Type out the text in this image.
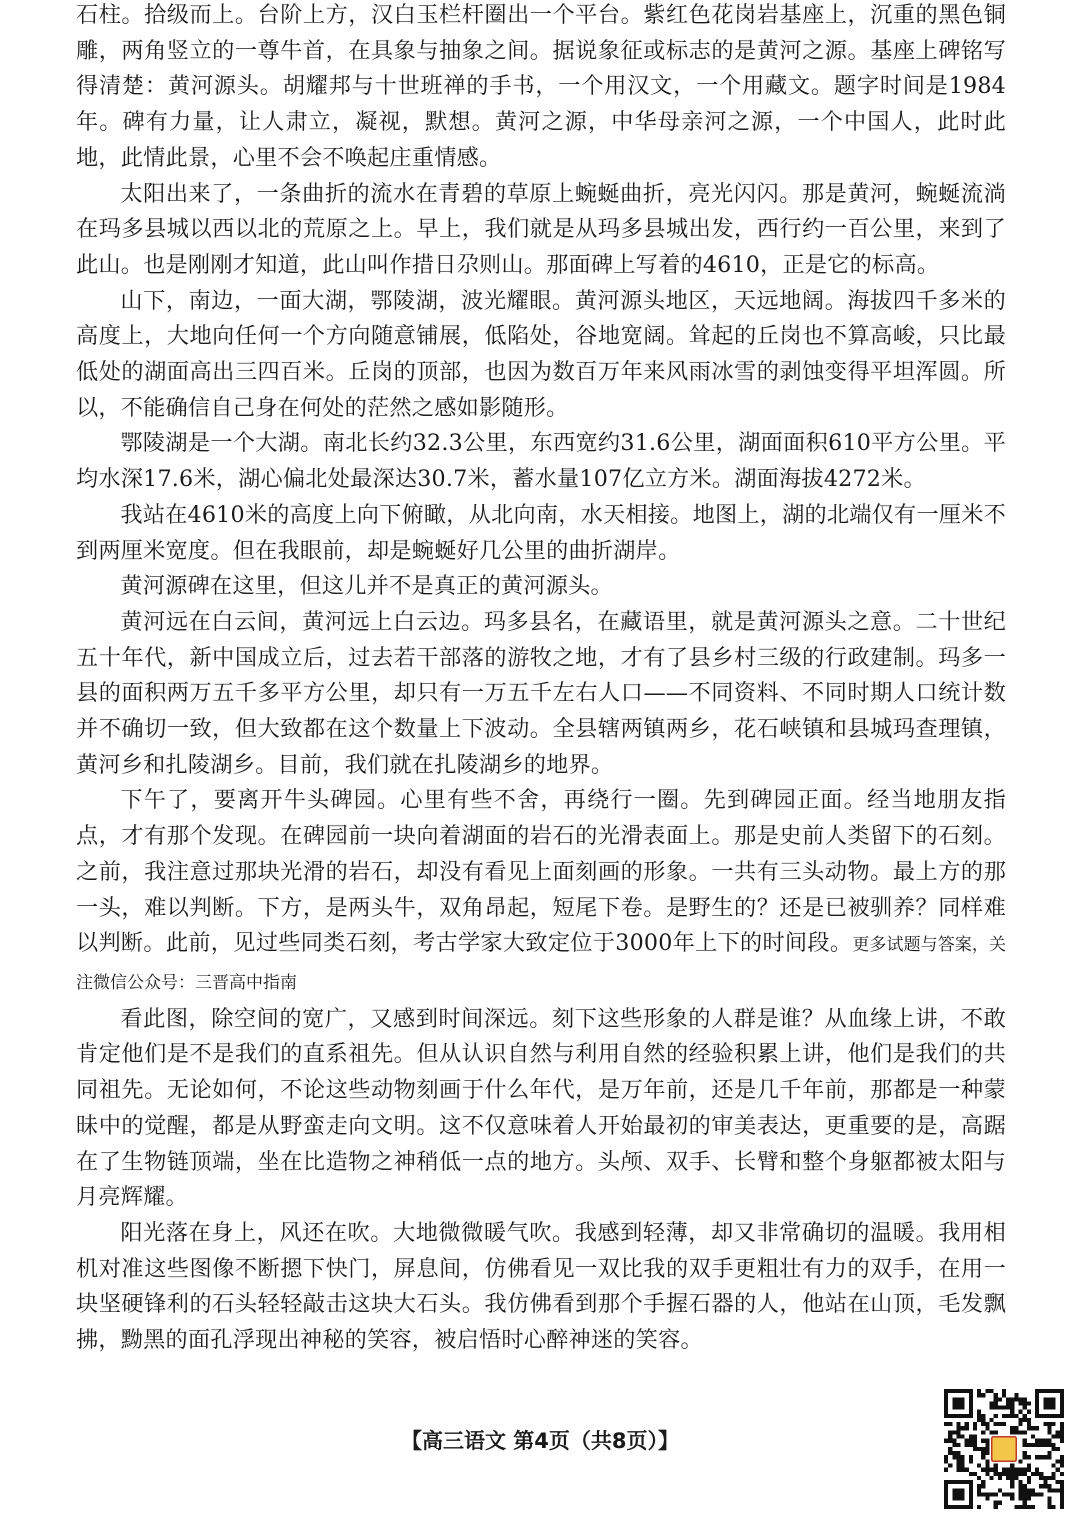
石柱。拾级而上。台阶上方，汉白玉栏杆圈出一个平台。紫红色花岗岩基座上，沉重的黑色铜雕，两角竖立的一尊牛首，在具象与抽象之间。据说象征或标志的是黄河之源。基座上碑铭写得清楚：黄河源头。胡耀邦与十世班禅的手书，一个用汉文，一个用藏文。题字时间是1984年。碑有力量，让人肃立，凝视，默想。黄河之源，中华母亲河之源，一个中国人，此时此地，此情此景，心里不会不唤起庄重情感。

太阳出来了，一条曲折的流水在青碧的草原上蜿蜒曲折，亮光闪闪。那是黄河，蜿蜒流淌在玛多县城以西以北的荒原之上。早上，我们就是从玛多县城出发，西行约一百公里，来到了此山。也是刚刚才知道，此山叫作措日尕则山。那面碑上写着的4610，正是它的标高。

山下，南边，一面大湖，鄂陵湖，波光耀眼。黄河源头地区，天远地阔。海拔四千多米的高度上，大地向任何一个方向随意铺展，低陷处，谷地宽阔。耸起的丘岗也不算高峻，只比最低处的湖面高出三四百米。丘岗的顶部，也因为数百万年来风雨冰雪的剥蚀变得平坦浑圆。所以，不能确信自己身在何处的茫然之感如影随形。

鄂陵湖是一个大湖。南北长约32.3公里，东西宽约31.6公里，湖面面积610平方公里。平均水深17.6米，湖心偏北处最深达30.7米，蓄水量107亿立方米。湖面海拔4272米。

我站在4610米的高度上向下俯瞰，从北向南，水天相接。地图上，湖的北端仅有一厘米不到两厘米宽度。但在我眼前，却是蜿蜒好几公里的曲折湖岸。

黄河源碑在这里，但这儿并不是真正的黄河源头。

黄河远在白云间，黄河远上白云边。玛多县名，在藏语里，就是黄河源头之意。二十世纪五十年代，新中国成立后，过去若干部落的游牧之地，才有了县乡村三级的行政建制。玛多一县的面积两万五千多平方公里，却只有一万五千左右人口——不同资料、不同时期人口统计数并不确切一致，但大致都在这个数量上下波动。全县辖两镇两乡，花石峡镇和县城玛查理镇，黄河乡和扎陵湖乡。目前，我们就在扎陵湖乡的地界。

下午了，要离开牛头碑园。心里有些不舍，再绕行一圈。先到碑园正面。经当地朋友指点，才有那个发现。在碑园前一块向着湖面的岩石的光滑表面上。那是史前人类留下的石刻。之前，我注意过那块光滑的岩石，却没有看见上面刻画的形象。一共有三头动物。最上方的那一头，难以判断。下方，是两头牛，双角昂起，短尾下卷。是野生的？还是已被驯养？同样难以判断。此前，见过些同类石刻，考古学家大致定位于3000年上下的时间段。更多试题与答案，关注微信公众号：三晋高中指南

看此图，除空间的宽广，又感到时间深远。刻下这些形象的人群是谁？从血缘上讲，不敢肯定他们是不是我们的直系祖先。但从认识自然与利用自然的经验积累上讲，他们是我们的共同祖先。无论如何，不论这些动物刻画于什么年代，是万年前，还是几千年前，那都是一种蒙昧中的觉醒，都是从野蛮走向文明。这不仅意味着人开始最初的审美表达，更重要的是，高踞在了生物链顶端，坐在比造物之神稍低一点的地方。头颅、双手、长臂和整个身躯都被太阳与月亮辉耀。

阳光落在身上，风还在吹。大地微微暖气吹。我感到轻薄，却又非常确切的温暖。我用相机对准这些图像不断摁下快门，屏息间，仿佛看见一双比我的双手更粗壮有力的双手，在用一块坚硬锋利的石头轻轻敲击这块大石头。我仿佛看到那个手握石器的人，他站在山顶，毛发飘拂，黝黑的面孔浮现出神秘的笑容，被启悟时心醉神迷的笑容。

【高三语文 第4页（共8页）】
